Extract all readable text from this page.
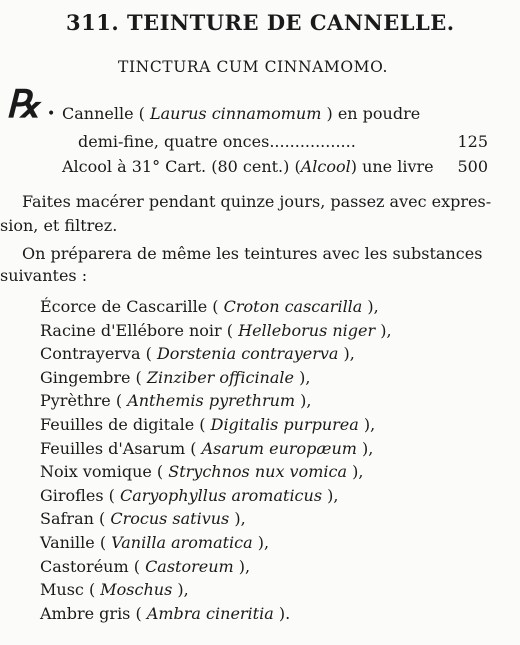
311. TEINTURE DE CANNELLE.
TINCTURA CUM CINNAMOMO.
℞ • Cannelle ( Laurus cinnamomum ) en poudre
demi-fine, quatre onces.................	125
Alcool à 31° Cart. (80 cent.) (Alcool) une livre 500
Faites macérer pendant quinze jours, passez avec expres-
sion, et filtrez.
On préparera de même les teintures avec les substances
suivantes :
Écorce de Cascarille ( Croton cascarilla ),
Racine d'Ellébore noir ( Helleborus niger ),
Contrayerva ( Dorstenia contrayerva ),
Gingembre ( Zinziber officinale ),
Pyrèthre ( Anthemis pyrethrum ),
Feuilles de digitale ( Digitalis purpurea ),
Feuilles d'Asarum ( Asarum europæum ),
Noix vomique ( Strychnos nux vomica ),
Girofles ( Caryophyllus aromaticus ),
Safran ( Crocus sativus ),
Vanille ( Vanilla aromatica ),
Castoréum ( Castoreum ),
Musc ( Moschus ),
Ambre gris ( Ambra cineritia ).
